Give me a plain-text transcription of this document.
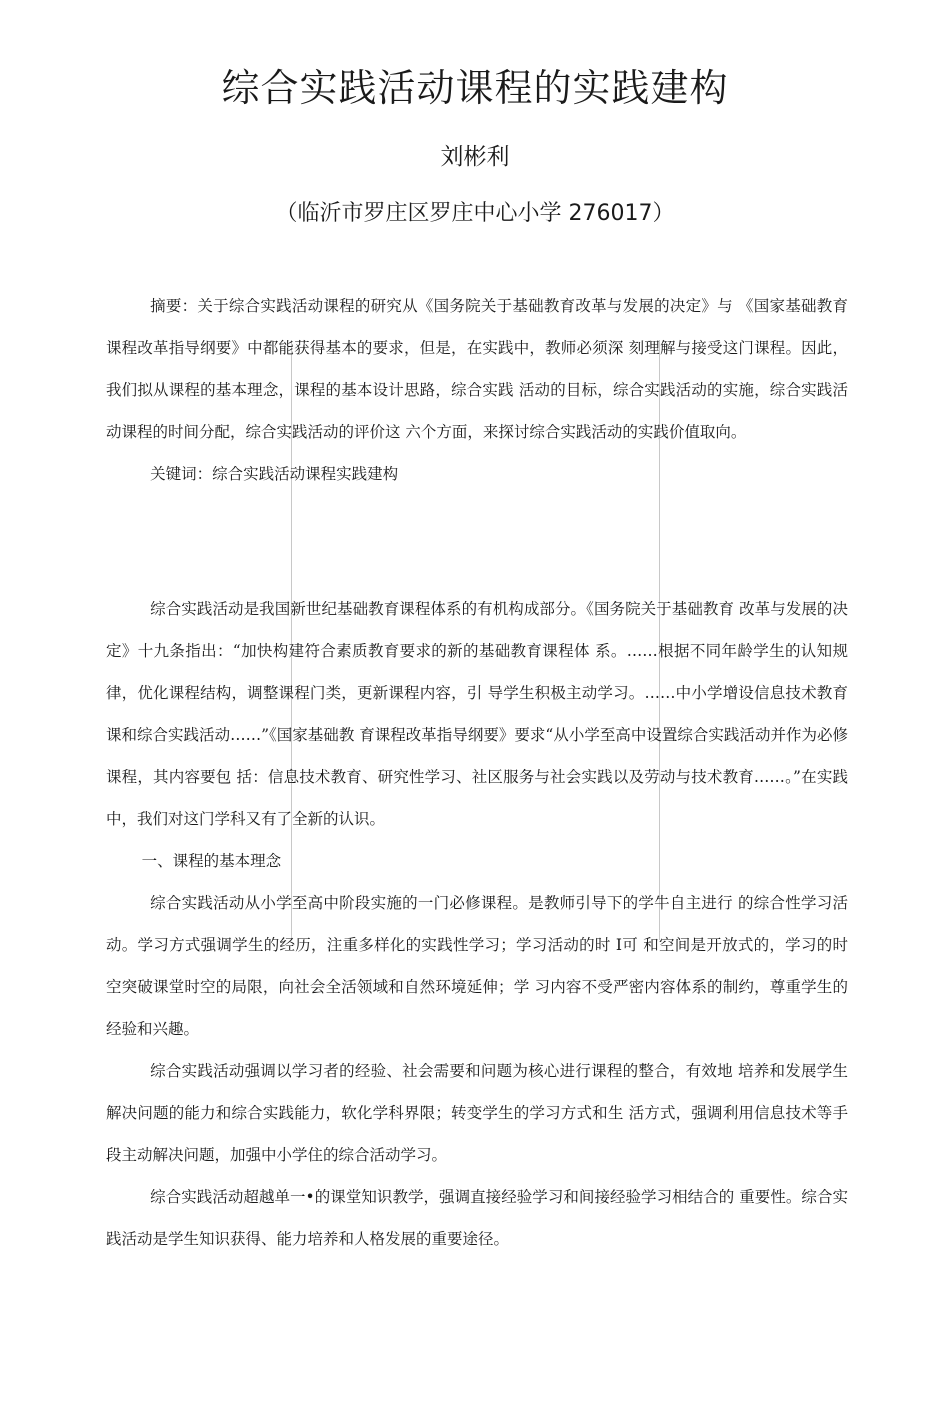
综合实践活动课程的实践建构
刘彬利
（临沂市罗庄区罗庄中心小学 276017）

摘要：关于综合实践活动课程的研究从《国务院关于基础教育改革与发展的决定》与 《国家基础教育课程改革指导纲要》中都能获得基本的要求，但是，在实践中，教师必须深 刻理解与接受这门课程。因此，我们拟从课程的基本理念，课程的基本设计思路，综合实践 活动的目标，综合实践活动的实施，综合实践活动课程的时间分配，综合实践活动的评价这 六个方面，来探讨综合实践活动的实践价值取向。

关键词：综合实践活动课程实践建构

综合实践活动是我国新世纪基础教育课程体系的有机构成部分。《国务院关于基础教育 改革与发展的决定》十九条指出：“加快构建符合素质教育要求的新的基础教育课程体 系。……根据不同年龄学生的认知规律，优化课程结构，调整课程门类，更新课程内容，引 导学生积极主动学习。……中小学增设信息技术教育课和综合实践活动……”《国家基础教 育课程改革指导纲要》要求“从小学至高中设置综合实践活动并作为必修课程，其内容要包 括：信息技术教育、研究性学习、社区服务与社会实践以及劳动与技术教育……。”在实践 中，我们对这门学科又有了全新的认识。

一、课程的基本理念

综合实践活动从小学至高中阶段实施的一门必修课程。是教师引导下的学牛自主进行 的综合性学习活动。学习方式强调学生的经历，注重多样化的实践性学习；学习活动的时 I可 和空间是开放式的，学习的时空突破课堂时空的局限，向社会全活领域和自然环境延伸；学 习内容不受严密内容体系的制约，尊重学生的经验和兴趣。

综合实践活动强调以学习者的经验、社会需要和问题为核心进行课程的整合，有效地 培养和发展学生解决问题的能力和综合实践能力，软化学科界限；转变学生的学习方式和生 活方式，强调利用信息技术等手段主动解决问题，加强中小学住的综合活动学习。

综合实践活动超越单一•的课堂知识教学，强调直接经验学习和间接经验学习相结合的 重要性。综合实践活动是学生知识获得、能力培养和人格发展的重要途径。
